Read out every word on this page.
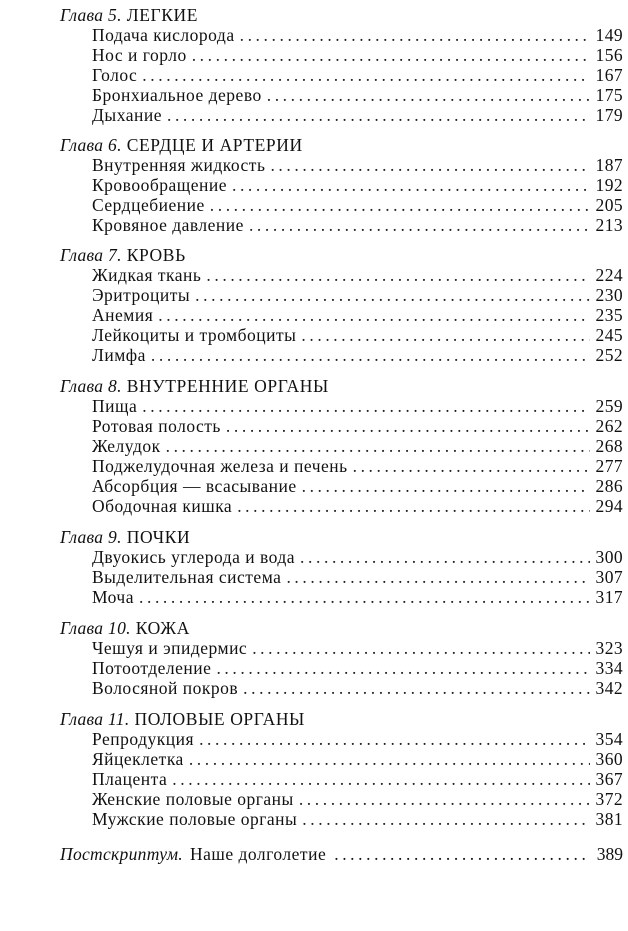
Глава 5. ЛЕГКИЕ
Подача кислорода .....	149
Нос и горло .....	156
Голос .....	167
Бронхиальное дерево .....	175
Дыхание .....	179
Глава 6. СЕРДЦЕ И АРТЕРИИ
Внутренняя жидкость .....	187
Кровообращение .....	192
Сердцебиение .....	205
Кровяное давление .....	213
Глава 7. КРОВЬ
Жидкая ткань .....	224
Эритроциты .....	230
Анемия .....	235
Лейкоциты и тромбоциты .....	245
Лимфа .....	252
Глава 8. ВНУТРЕННИЕ ОРГАНЫ
Пища .....	259
Ротовая полость .....	262
Желудок .....	268
Поджелудочная железа и печень .....	277
Абсорбция — всасывание .....	286
Ободочная кишка .....	294
Глава 9. ПОЧКИ
Двуокись углерода и вода .....	300
Выделительная система .....	307
Моча .....	317
Глава 10. КОЖА
Чешуя и эпидермис .....	323
Потоотделение .....	334
Волосяной покров .....	342
Глава 11. ПОЛОВЫЕ ОРГАНЫ
Репродукция .....	354
Яйцеклетка .....	360
Плацента .....	367
Женские половые органы .....	372
Мужские половые органы .....	381
Постскриптум. Наше долголетие .....	389
